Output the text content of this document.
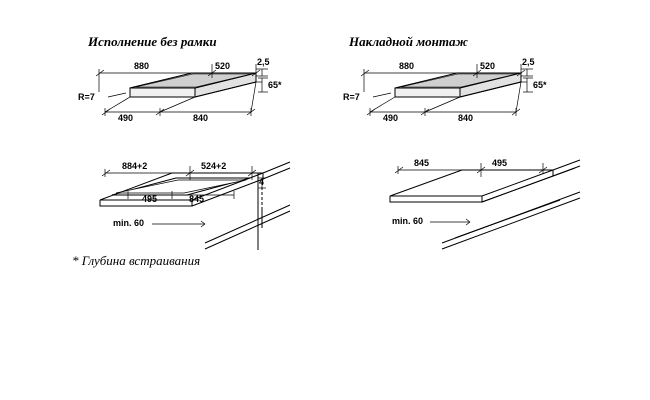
Исполнение без рамки	Накладной монтаж
* Глубина встраивания
880	520	2,5
65*
R=7
490	840
884+2	524+2
4
495	845
min. 60
880	520	2,5
65*
R=7
490	840
845	495
min. 60
